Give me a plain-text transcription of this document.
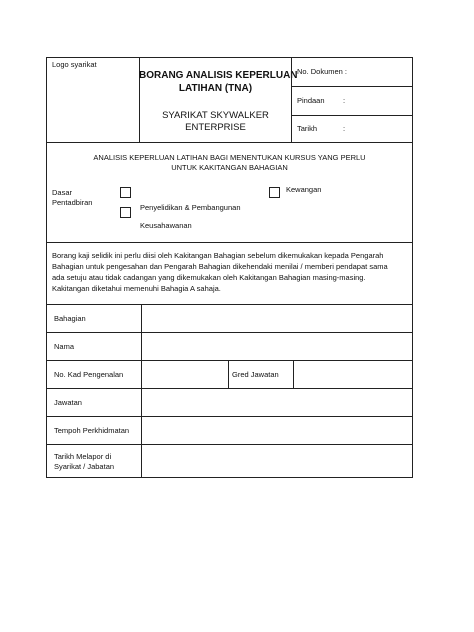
Logo syarikat
BORANG ANALISIS KEPERLUAN
LATIHAN (TNA)
SYARIKAT SKYWALKER
ENTERPRISE
No. Dokumen :
Pindaan :
Tarikh	:
ANALISIS KEPERLUAN LATIHAN BAGI MENENTUKAN KURSUS YANG PERLU
UNTUK KAKITANGAN BAHAGIAN
Dasar
Pentadbiran
Penyelidikan & Pembangunan
Keusahawanan
Kewangan
Borang kaji selidik ini perlu diisi oleh Kakitangan Bahagian sebelum dikemukakan kepada Pengarah
Bahagian untuk pengesahan dan Pengarah Bahagian dikehendaki menilai / memberi pendapat sama
ada setuju atau tidak cadangan yang dikemukakan oleh Kakitangan Bahagian masing-masing.
Kakitangan diketahui memenuhi Bahagia A sahaja.
Bahagian
Nama
No. Kad Pengenalan	Gred Jawatan
Jawatan
Tempoh Perkhidmatan
Tarikh Melapor di
Syarikat / Jabatan
